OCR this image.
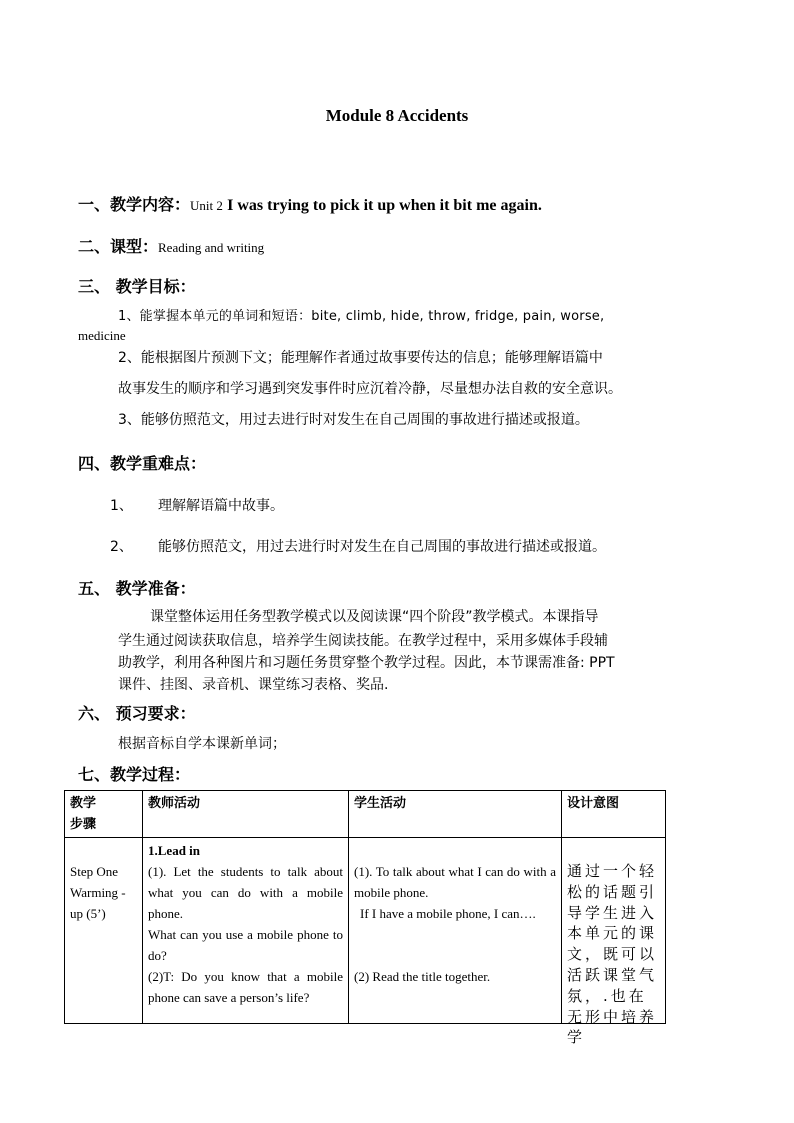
Module 8 Accidents
一、教学内容：Unit 2 I was trying to pick it up when it bit me again.
二、课型：Reading and writing
三、 教学目标：
1、能掌握本单元的单词和短语：bite, climb, hide, throw, fridge, pain, worse,
medicine
2、能根据图片预测下文；能理解作者通过故事要传达的信息；能够理解语篇中
故事发生的顺序和学习遇到突发事件时应沉着冷静，尽量想办法自救的安全意识。
3、能够仿照范文，用过去进行时对发生在自己周围的事故进行描述或报道。
四、教学重难点：
1、 理解解语篇中故事。
2、 能够仿照范文，用过去进行时对发生在自己周围的事故进行描述或报道。
五、 教学准备：
课堂整体运用任务型教学模式以及阅读课“四个阶段”教学模式。本课指导
学生通过阅读获取信息，培养学生阅读技能。在教学过程中，采用多媒体手段辅
助教学，利用各种图片和习题任务贯穿整个教学过程。因此，本节课需准备: PPT
课件、挂图、录音机、课堂练习表格、奖品.
六、 预习要求：
根据音标自学本课新单词；
七、教学过程：
教学
步骤	教师活动	学生活动	设计意图
Step One Warming -up (5’)	1.Lead in
(1). Let the students to talk about what you can do with a mobile phone.
What can you use a mobile phone to do?
(2)T: Do you know that a mobile phone can save a person’s life?	(1). To talk about what I can do with a mobile phone.
If I have a mobile phone, I can….
(2) Read the title together.	通过一个轻松的话题引导学生进入本单元的课文，既可以活跃课堂气氛，.也在无形中培养学
